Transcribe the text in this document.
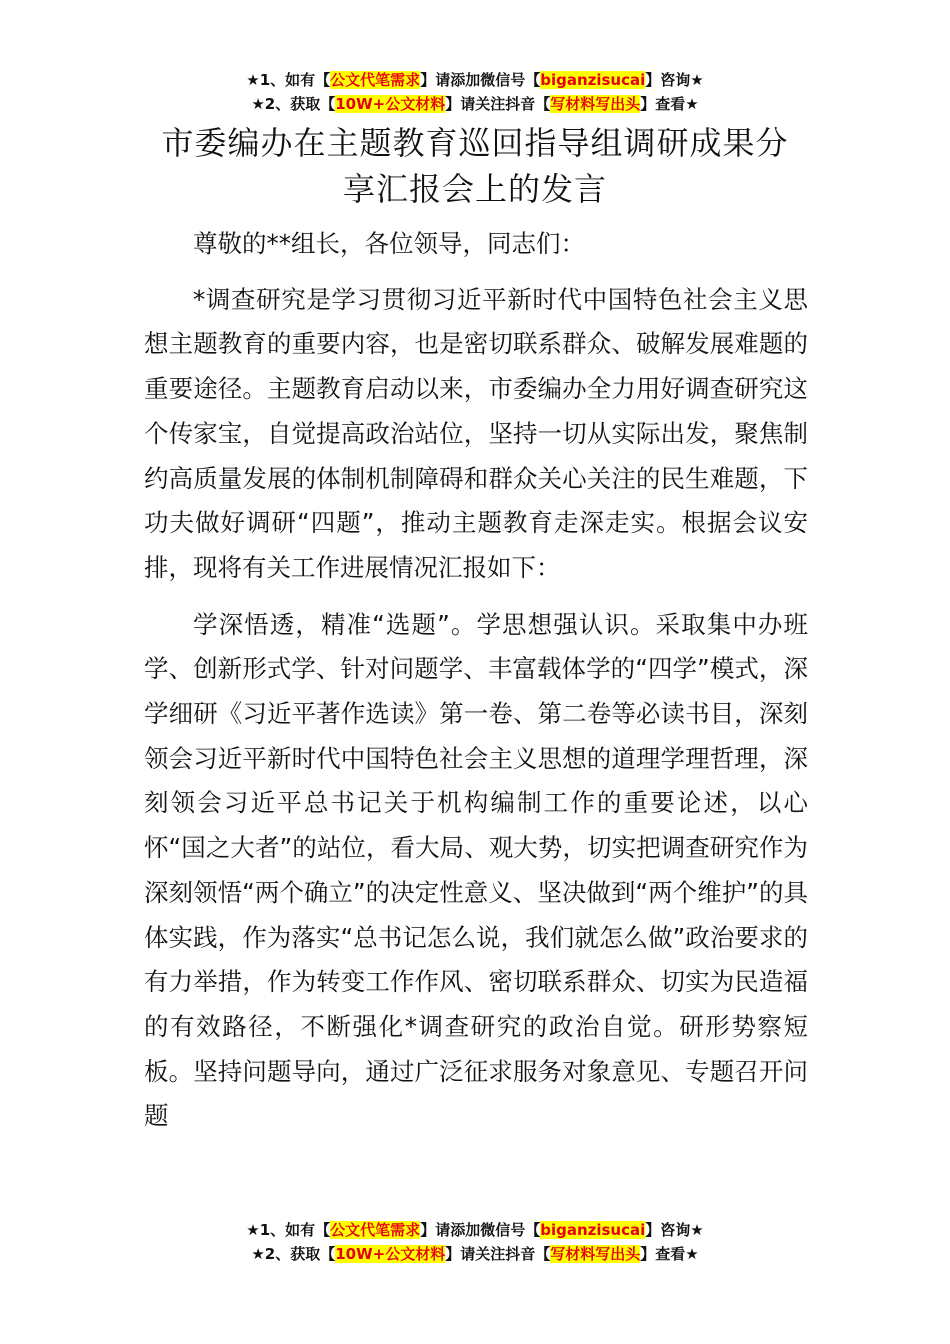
★1、如有【公文代笔需求】请添加微信号【biganzisucai】咨询★
★2、获取【10W+公文材料】请关注抖音【写材料写出头】查看★
市委编办在主题教育巡回指导组调研成果分
享汇报会上的发言

尊敬的**组长，各位领导，同志们：

*调查研究是学习贯彻习近平新时代中国特色社会主义思想主题教育的重要内容，也是密切联系群众、破解发展难题的重要途径。主题教育启动以来，市委编办全力用好调查研究这个传家宝，自觉提高政治站位，坚持一切从实际出发，聚焦制约高质量发展的体制机制障碍和群众关心关注的民生难题，下功夫做好调研“四题”，推动主题教育走深走实。根据会议安排，现将有关工作进展情况汇报如下：

学深悟透，精准“选题”。学思想强认识。采取集中办班学、创新形式学、针对问题学、丰富载体学的“四学”模式，深学细研《习近平著作选读》第一卷、第二卷等必读书目，深刻领会习近平新时代中国特色社会主义思想的道理学理哲理，深刻领会习近平总书记关于机构编制工作的重要论述，以心怀“国之大者”的站位，看大局、观大势，切实把调查研究作为深刻领悟“两个确立”的决定性意义、坚决做到“两个维护”的具体实践，作为落实“总书记怎么说，我们就怎么做”政治要求的有力举措，作为转变工作作风、密切联系群众、切实为民造福的有效路径，不断强化*调查研究的政治自觉。研形势察短板。坚持问题导向，通过广泛征求服务对象意见、专题召开问题

★1、如有【公文代笔需求】请添加微信号【biganzisucai】咨询★
★2、获取【10W+公文材料】请关注抖音【写材料写出头】查看★
